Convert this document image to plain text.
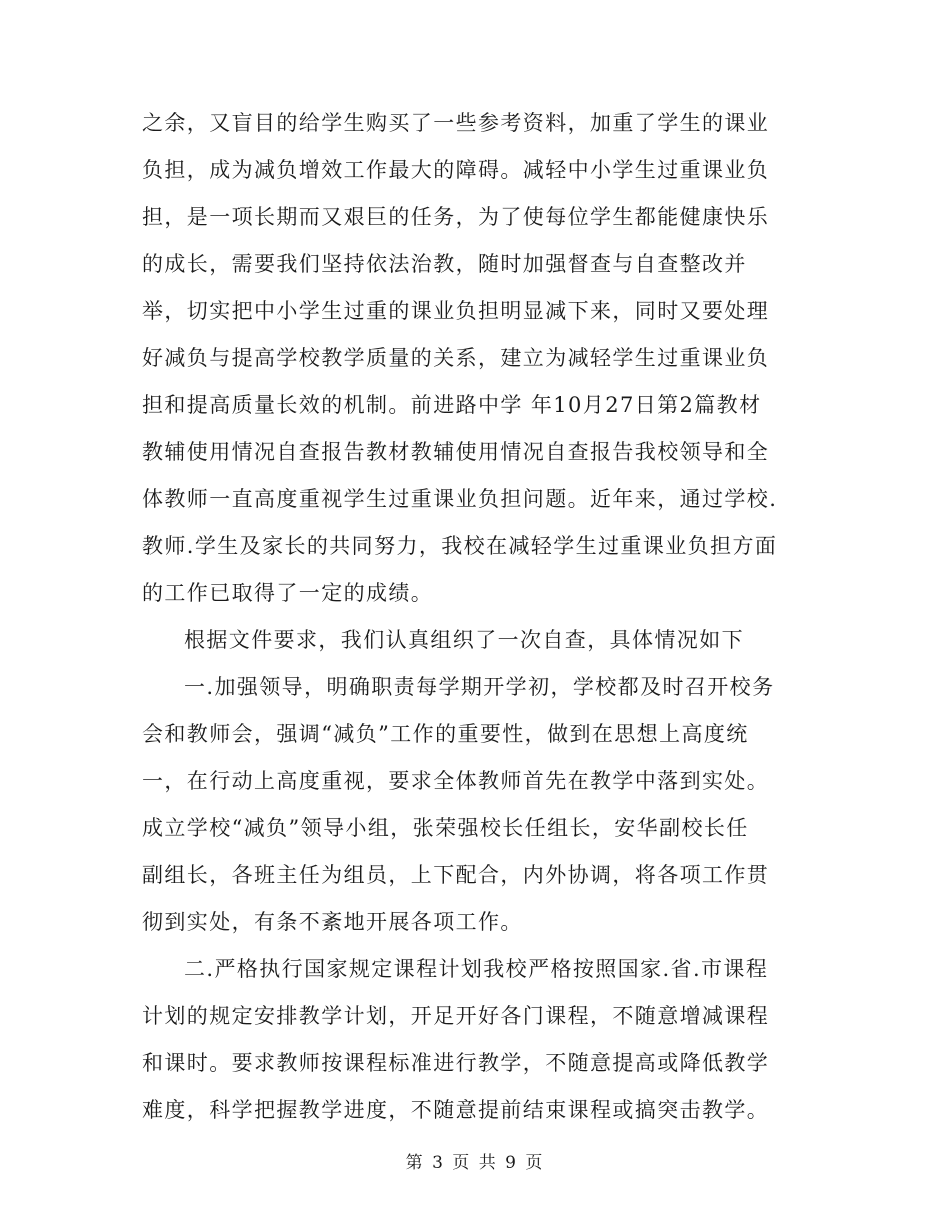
之余，又盲目的给学生购买了一些参考资料，加重了学生的课业
负担，成为减负增效工作最大的障碍。减轻中小学生过重课业负
担，是一项长期而又艰巨的任务，为了使每位学生都能健康快乐
的成长，需要我们坚持依法治教，随时加强督查与自查整改并
举，切实把中小学生过重的课业负担明显减下来，同时又要处理
好减负与提高学校教学质量的关系，建立为减轻学生过重课业负
担和提高质量长效的机制。前进路中学 年10月27日第2篇教材
教辅使用情况自查报告教材教辅使用情况自查报告我校领导和全
体教师一直高度重视学生过重课业负担问题。近年来，通过学校.
教师.学生及家长的共同努力，我校在减轻学生过重课业负担方面
的工作已取得了一定的成绩。
根据文件要求，我们认真组织了一次自查，具体情况如下
一.加强领导，明确职责每学期开学初，学校都及时召开校务
会和教师会，强调“减负”工作的重要性，做到在思想上高度统
一，在行动上高度重视，要求全体教师首先在教学中落到实处。
成立学校“减负”领导小组，张荣强校长任组长，安华副校长任
副组长，各班主任为组员，上下配合，内外协调，将各项工作贯
彻到实处，有条不紊地开展各项工作。
二.严格执行国家规定课程计划我校严格按照国家.省.市课程
计划的规定安排教学计划，开足开好各门课程，不随意增减课程
和课时。要求教师按课程标准进行教学，不随意提高或降低教学
难度，科学把握教学进度，不随意提前结束课程或搞突击教学。
第 3 页 共 9 页
